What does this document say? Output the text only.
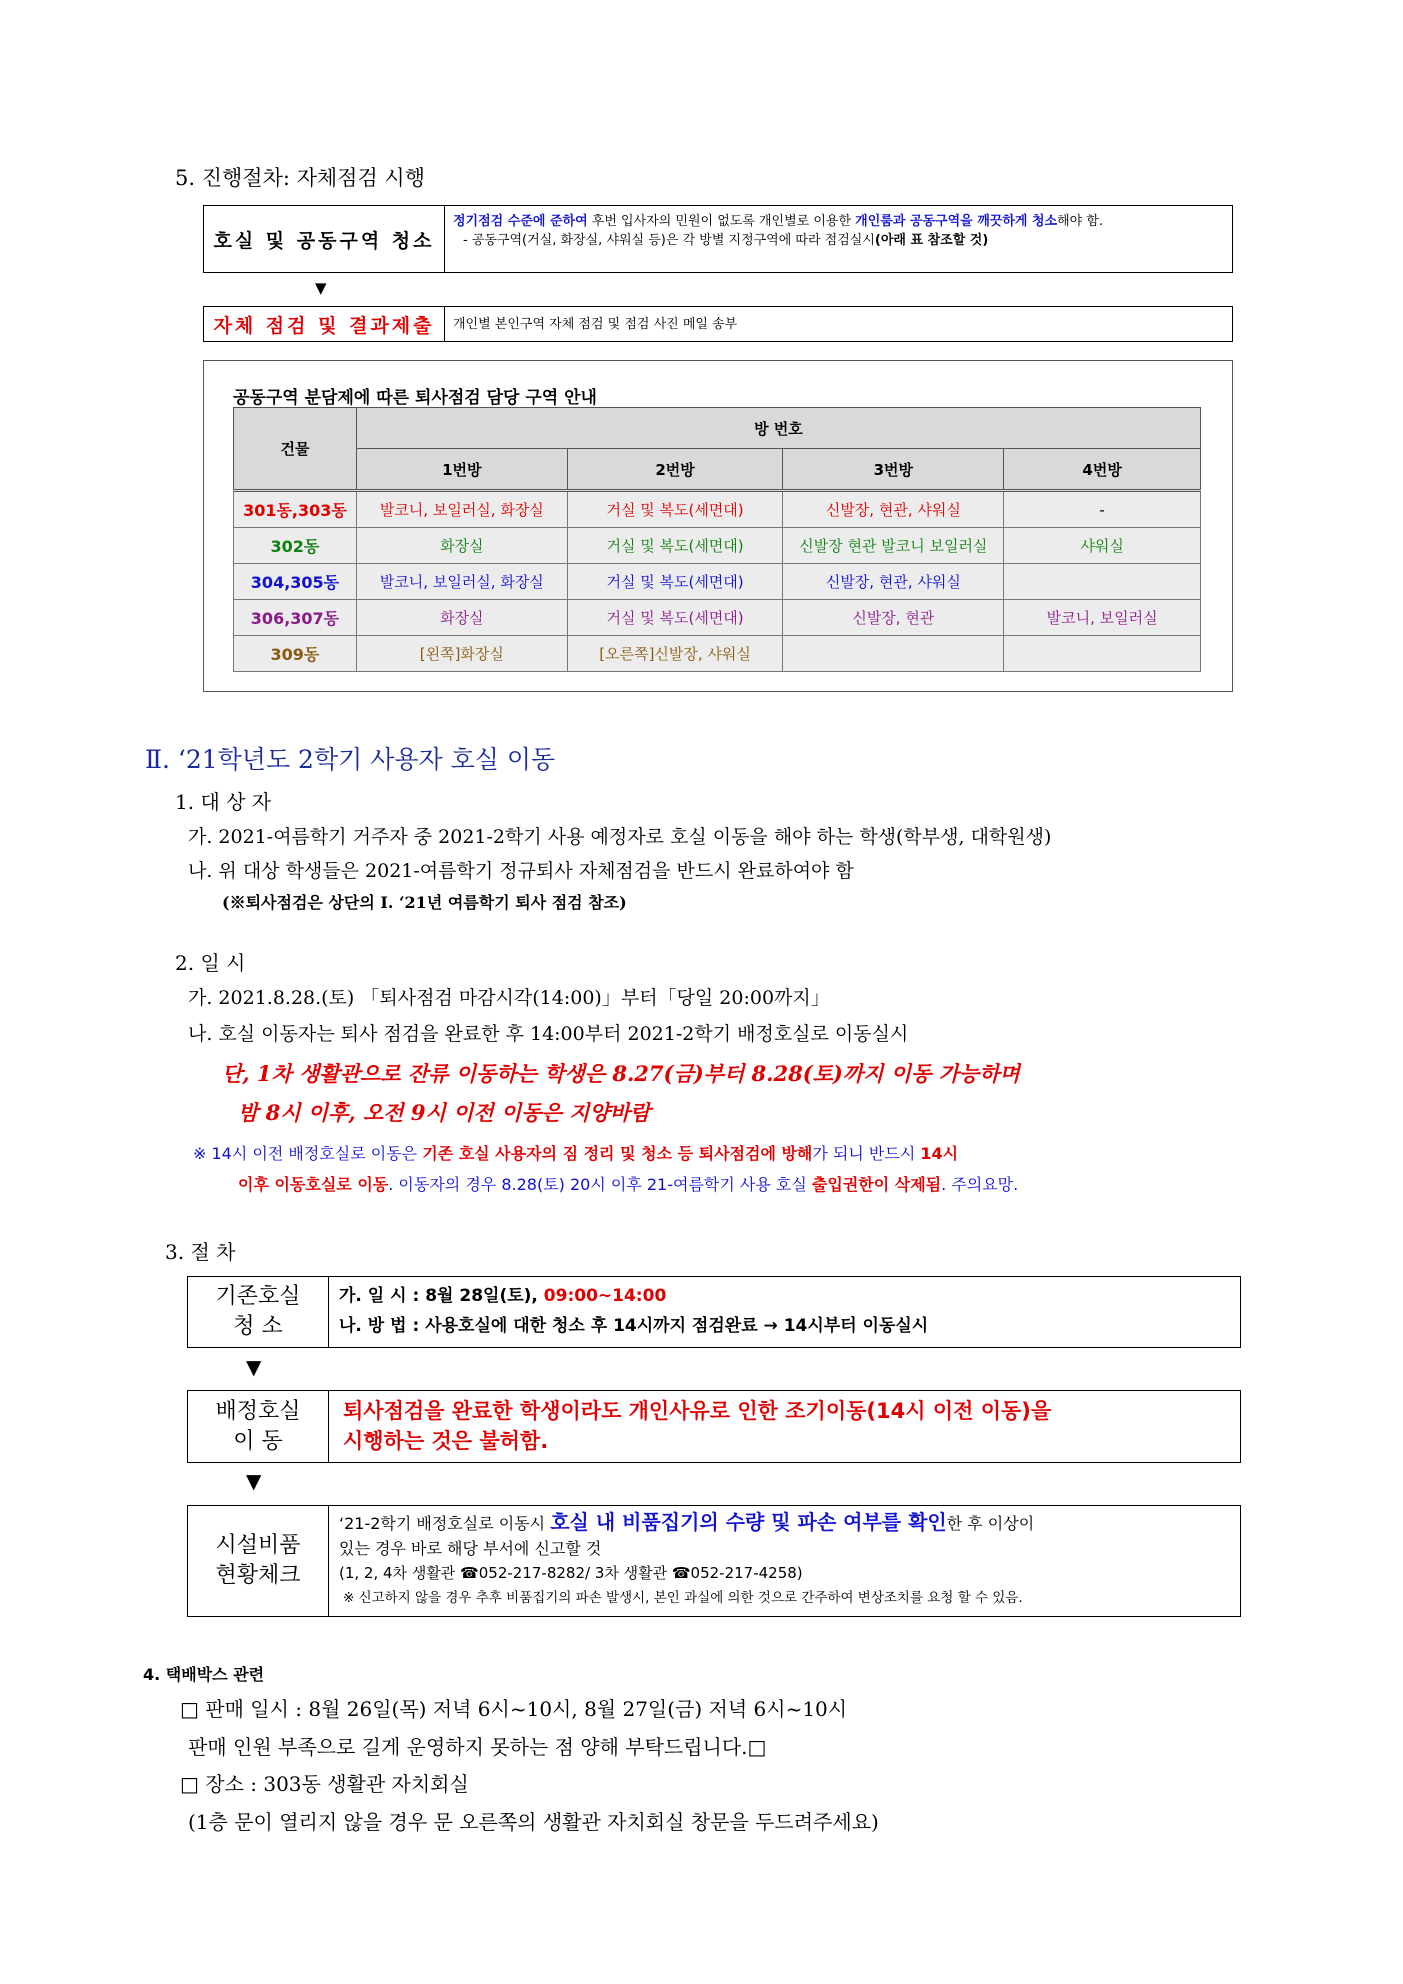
5. 진행절차: 자체점검 시행
호실 및 공동구역 청소
정기점검 수준에 준하여 후번 입사자의 민원이 없도록 개인별로 이용한 개인룸과 공동구역을 깨끗하게 청소해야 함.
- 공동구역(거실, 화장실, 샤워실 등)은 각 방별 지정구역에 따라 점검실시(아래 표 참조할 것)
▼
자체 점검 및 결과제출	개인별 본인구역 자체 점검 및 점검 사진 메일 송부
공동구역 분담제에 따른 퇴사점검 담당 구역 안내
건물	방 번호			
	1번방	2번방	3번방	4번방
301동,303동	발코니, 보일러실, 화장실	거실 및 복도(세면대)	신발장, 현관, 샤워실	-
302동	화장실	거실 및 복도(세면대)	신발장 현관 발코니 보일러실	샤워실
304,305동	발코니, 보일러실, 화장실	거실 및 복도(세면대)	신발장, 현관, 샤워실	
306,307동	화장실	거실 및 복도(세면대)	신발장, 현관	발코니, 보일러실
309동	[왼쪽]화장실	[오른쪽]신발장, 샤워실		
Ⅱ. ‘21학년도 2학기 사용자 호실 이동
1. 대 상 자
가. 2021-여름학기 거주자 중 2021-2학기 사용 예정자로 호실 이동을 해야 하는 학생(학부생, 대학원생)
나. 위 대상 학생들은 2021-여름학기 정규퇴사 자체점검을 반드시 완료하여야 함
(※퇴사점검은 상단의 Ⅰ. ‘21년 여름학기 퇴사 점검 참조)
2. 일 시
가. 2021.8.28.(토) 「퇴사점검 마감시각(14:00)」부터「당일 20:00까지」
나. 호실 이동자는 퇴사 점검을 완료한 후 14:00부터 2021-2학기 배정호실로 이동실시
단, 1차 생활관으로 잔류 이동하는 학생은 8.27(금)부터 8.28(토)까지 이동 가능하며
밤 8시 이후, 오전 9시 이전 이동은 지양바람
※ 14시 이전 배정호실로 이동은 기존 호실 사용자의 짐 정리 및 청소 등 퇴사점검에 방해가 되니 반드시 14시
이후 이동호실로 이동. 이동자의 경우 8.28(토) 20시 이후 21-여름학기 사용 호실 출입권한이 삭제됨. 주의요망.
3. 절 차
기존호실
청 소
가. 일 시 : 8월 28일(토), 09:00~14:00
나. 방 법 : 사용호실에 대한 청소 후 14시까지 점검완료 → 14시부터 이동실시
▼
배정호실
이 동
퇴사점검을 완료한 학생이라도 개인사유로 인한 조기이동(14시 이전 이동)을
시행하는 것은 불허함.
▼
시설비품
현황체크
‘21-2학기 배정호실로 이동시 호실 내 비품집기의 수량 및 파손 여부를 확인한 후 이상이
있는 경우 바로 해당 부서에 신고할 것
(1, 2, 4차 생활관 ☎052-217-8282/ 3차 생활관 ☎052-217-4258)
※ 신고하지 않을 경우 추후 비품집기의 파손 발생시, 본인 과실에 의한 것으로 간주하여 변상조치를 요청 할 수 있음.
4. 택배박스 관련
□ 판매 일시 : 8월 26일(목) 저녁 6시~10시, 8월 27일(금) 저녁 6시~10시
판매 인원 부족으로 길게 운영하지 못하는 점 양해 부탁드립니다.□
□ 장소 : 303동 생활관 자치회실
(1층 문이 열리지 않을 경우 문 오른쪽의 생활관 자치회실 창문을 두드려주세요)
